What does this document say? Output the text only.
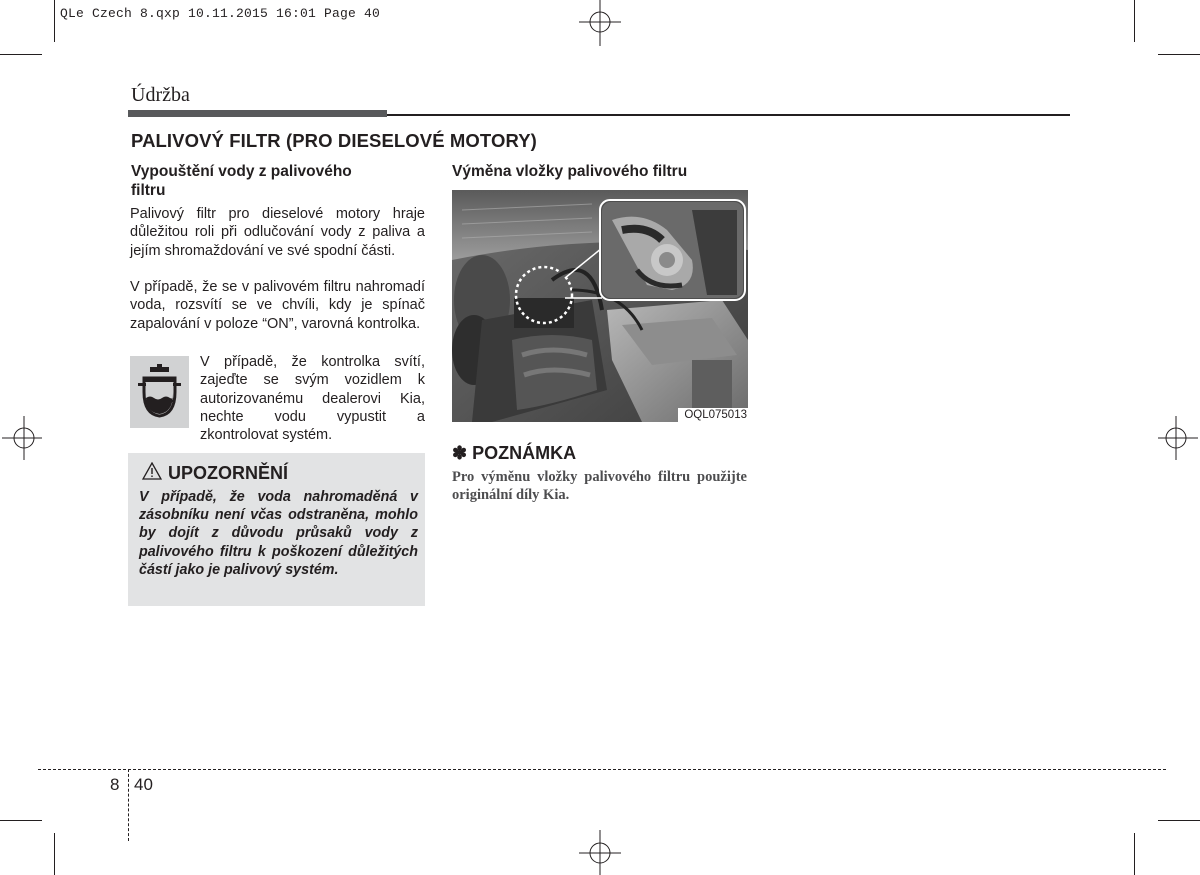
QLe Czech 8.qxp 10.11.2015 16:01 Page 40
Údržba
PALIVOVÝ FILTR (PRO DIESELOVÉ MOTORY)
Vypouštění vody z palivového
filtru
Palivový filtr pro dieselové motory hraje důležitou roli při odlučování vody z paliva a jejím shromaždování ve své spodní části.
V případě, že se v palivovém filtru nahromadí voda, rozsvítí se ve chvíli, kdy je spínač zapalování v poloze “ON”, varovná kontrolka.
V případě, že kontrolka svítí, zajeďte se svým vozidlem k autorizovanému dealerovi Kia, nechte vodu vypustit a zkontrolovat systém.
UPOZORNĚNÍ
V případě, že voda nahromaděná v zásobníku není včas odstraněna, mohlo by dojít z důvodu průsaků vody z palivového filtru k poškození důležitých částí jako je palivový systém.
Výměna vložky palivového filtru
OQL075013
✽ POZNÁMKA
Pro výměnu vložky palivového filtru použijte originální díly Kia.
8 40
